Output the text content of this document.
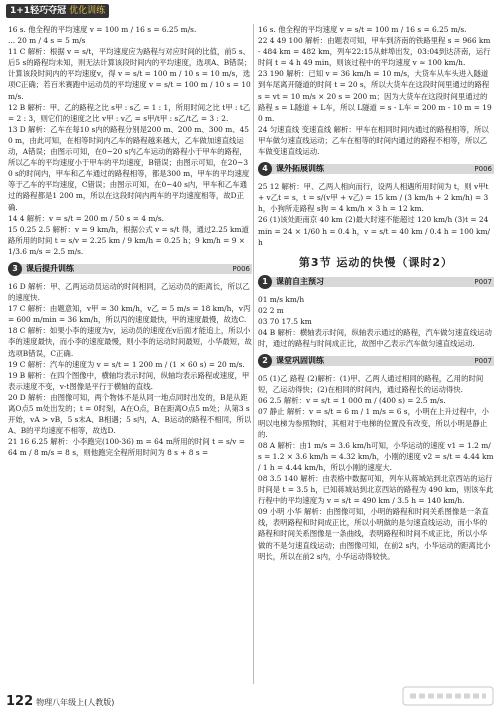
1+1轻巧夺冠 优化训练

16 s. 他全程的平均速度 v = 100 m / 16 s = 6.25 m/s.
... 20 m / 4 s = 5 m/s
11 C 解析：根据 v = s/t，平均速度应为路程与对应时间的比值，前5 s、后5 s的路程均未知，则无法计算该段时间内的平均速度，选项A、B错误；计算该段时间内的平均速度v，得 v = s/t = 100 m / 10 s = 10 m/s，选项C正确；若百米赛跑中运动员的平均速度 v = s/t = 100 m / 10 s = 10 m/s.
12 B 解析：甲、乙的路程之比 s甲 : s乙 = 1 : 1，所用时间之比 t甲 : t乙 = 2 : 3，则它们的速度之比 v甲 : v乙 = s甲/t甲 : s乙/t乙 = 3 : 2.
13 D 解析：乙车在每10 s内的路程分别是200 m、200 m、300 m、450 m，由此可知，在相等时间内乙车的路程越来越大，乙车做加速直线运动，A错误；由图示可知，在0~20 s内乙车运动的路程小于甲车的路程，所以乙车的平均速度小于甲车的平均速度，B错误；由图示可知，在20~30 s的时间内，甲车和乙车通过的路程相等，都是300 m，甲车的平均速度等于乙车的平均速度，C错误；由图示可知，在0~40 s内，甲车和乙车通过的路程都是1 200 m，所以在这段时间内两车的平均速度相等，故D正确.

14 4 解析：v = s/t = 200 m / 50 s = 4 m/s.
15 0.25 2.5 解析：v = 9 km/h，根据公式 v = s/t 得，通过2.25 km道路所用的时间 t = s/v = 2.25 km / 9 km/h = 0.25 h；9 km/h = 9 × 1/3.6 m/s = 2.5 m/s.

3	课后提升训练	P006

16 D 解析：甲、乙两运动员运动的时间相同，乙运动员的距离长，所以乙的速度快.
17 C 解析：由题意知，v甲 = 30 km/h，v乙 = 5 m/s = 18 km/h，v丙 = 600 m/min = 36 km/h，所以丙的速度最快，甲的速度最慢，故选C.
18 C 解析：如果小李的速度为v，运动员的速度在v后面才能追上，所以小李的速度最快，而小李的速度最慢，则小李的运动时间最短，小华最短，故选项B错误，C正确.
19 C 解析：汽车的速度为 v = s/t = 1 200 m / (1 × 60 s) = 20 m/s.
19 B 解析：在四个图像中，横轴均表示时间，纵轴均表示路程或速度，甲表示速度不变，v-t图像是平行于横轴的直线.
20 D 解析：由图像可知，两个物体不是从同一地点同时出发的，B是从距离O点5 m处出发的；t = 0时刻，A在O点，B在距离O点5 m处；从第3 s开始，vA > vB，5 s末A、B相遇；5 s内，A、B运动的路程不相同，所以A、B的平均速度不相等，故选D.
21 16 6.25 解析：小李跑完(100-36) m = 64 m所用的时间 t = s/v = 64 m / 8 m/s = 8 s，则他跑完全程所用时间为 8 s + 8 s =

16 s. 他全程的平均速度 v = s/t = 100 m / 16 s = 6.25 m/s.
22 4 49 100 解析：由题表可知，甲车到济南的铁路里程 s = 966 km - 484 km = 482 km，列车22:15从蚌埠出发，03:04到达济南，运行时间 t = 4 h 49 min，则该过程中的平均速度 v ≈ 100 km/h.
23 190 解析：已知 v = 36 km/h = 10 m/s，大货车从车头进入隧道到车尾离开隧道的时间 t = 20 s，所以大货车在这段时间里通过的路程 s = vt = 10 m/s × 20 s = 200 m；因为大货车在这段时间里通过的路程 s = L隧道 + L车，所以 L隧道 = s - L车 = 200 m - 10 m = 190 m.
24 匀速直线 变速直线 解析：甲车在相同时间内通过的路程相等，所以甲车做匀速直线运动；乙车在相等的时间内通过的路程不相等，所以乙车做变速直线运动.

4	课外拓展训练	P006

25 12 解析：甲、乙两人相向而行，设两人相遇所用时间为 t，则 v甲t + v乙t = s，t = s/(v甲 + v乙) = 15 km / (3 km/h + 2 km/h) = 3 h，小狗所走路程 s狗 = 4 km/h × 3 h = 12 km.
26 (1)该处距南京 40 km (2)最大时速不能超过 120 km/h (3)t = 24 min = 24 × 1/60 h = 0.4 h，v = s/t = 40 km / 0.4 h = 100 km/h

第3节 运动的快慢（课时2）
1	课前自主预习	P007

01 m/s km/h
02 2 m
03 70 17.5 km
04 B 解析：横轴表示时间，纵轴表示通过的路程，汽车做匀速直线运动时，通过的路程与时间成正比，故图中乙表示汽车做匀速直线运动.

2	课堂巩固训练	P007

05 (1)乙 路程 (2)解析：(1)甲、乙两人通过相同的路程，乙用的时间短，乙运动得快；(2)在相同的时间内，通过路程长的运动得快.
06 2.5 解析：v = s/t = 1 000 m / (400 s) = 2.5 m/s.
07 静止 解析：v = s/t = 6 m / 1 m/s = 6 s，小明在上升过程中，小明以电梯为参照物时，其相对于电梯的位置没有改变，所以小明是静止的.
08 A 解析：由1 m/s = 3.6 km/h可知，小华运动的速度 v1 = 1.2 m/s = 1.2 × 3.6 km/h = 4.32 km/h，小刚的速度 v2 = s/t = 4.44 km / 1 h = 4.44 km/h，所以小刚的速度大.
08 3.5 140 解析：由表格中数据可知，列车从蒋城站到北京西站的运行时间是 t = 3.5 h，已知蒋城站到北京西站的路程为 490 km，则该车此行程中的平均速度为 v = s/t = 490 km / 3.5 h = 140 km/h.
09 小明 小华 解析：由图像可知，小明的路程和时间关系图像是一条直线，表明路程和时间成正比，所以小明做的是匀速直线运动，而小华的路程和时间关系图像是一条曲线，表明路程和时间不成正比，所以小华做的不是匀速直线运动；由图像可知，在前2 s内，小华运动的距离比小明长，所以在前2 s内，小华运动得较快。

122 物理八年级上(人教版)
